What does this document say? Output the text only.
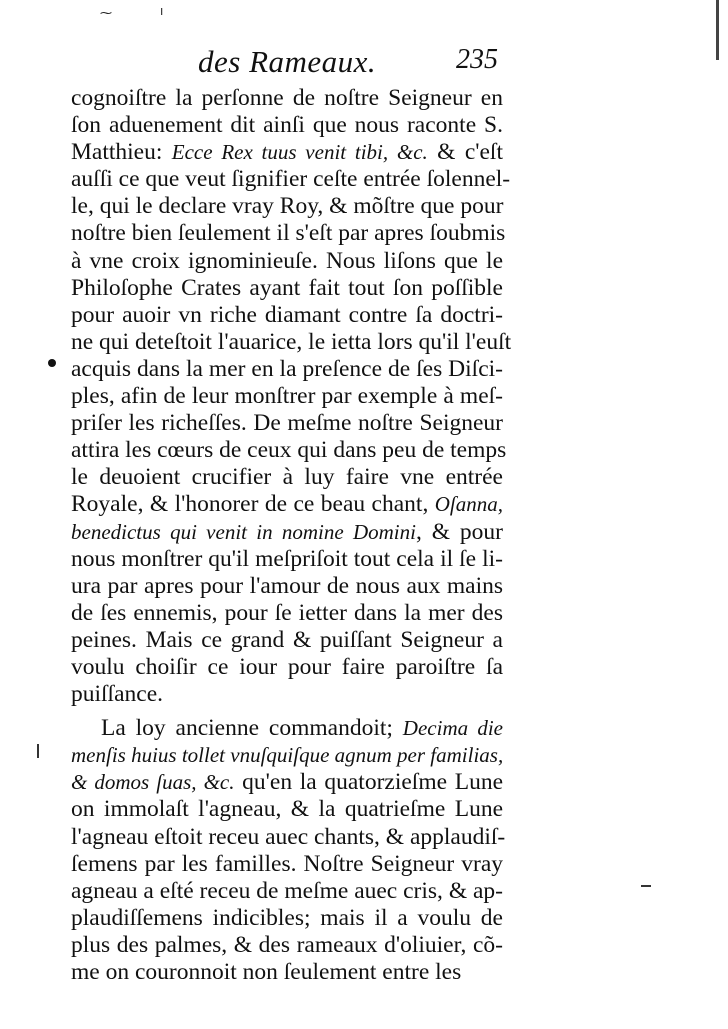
⁓	ı
des Rameaux.	235
cognoiſtre la perſonne de noſtre Seigneur en
ſon aduenement dit ainſi que nous raconte S.
Matthieu: Ecce Rex tuus venit tibi, &c. & c'eſt
auſſi ce que veut ſignifier ceſte entrée ſolennel-
le, qui le declare vray Roy, & mõſtre que pour
noſtre bien ſeulement il s'eſt par apres ſoubmis
à vne croix ignominieuſe. Nous liſons que le
Philoſophe Crates ayant fait tout ſon poſſible
pour auoir vn riche diamant contre ſa doctri-
ne qui deteſtoit l'auarice, le ietta lors qu'il l'euſt
acquis dans la mer en la preſence de ſes Diſci-
ples, afin de leur monſtrer par exemple à meſ-
priſer les richeſſes. De meſme noſtre Seigneur
attira les cœurs de ceux qui dans peu de temps
le deuoient crucifier à luy faire vne entrée
Royale, & l'honorer de ce beau chant, Oſanna,
benedictus qui venit in nomine Domini, & pour
nous monſtrer qu'il meſpriſoit tout cela il ſe li-
ura par apres pour l'amour de nous aux mains
de ſes ennemis, pour ſe ietter dans la mer des
peines. Mais ce grand & puiſſant Seigneur a
voulu choiſir ce iour pour faire paroiſtre ſa
puiſſance.
La loy ancienne commandoit; Decima die
menſis huius tollet vnuſquiſque agnum per familias,
& domos ſuas, &c. qu'en la quatorzieſme Lune
on immolaſt l'agneau, & la quatrieſme Lune
l'agneau eſtoit receu auec chants, & applaudiſ-
ſemens par les familles. Noſtre Seigneur vray
agneau a eſté receu de meſme auec cris, & ap-
plaudiſſemens indicibles; mais il a voulu de
plus des palmes, & des rameaux d'oliuier, cõ-
me on couronnoit non ſeulement entre les
